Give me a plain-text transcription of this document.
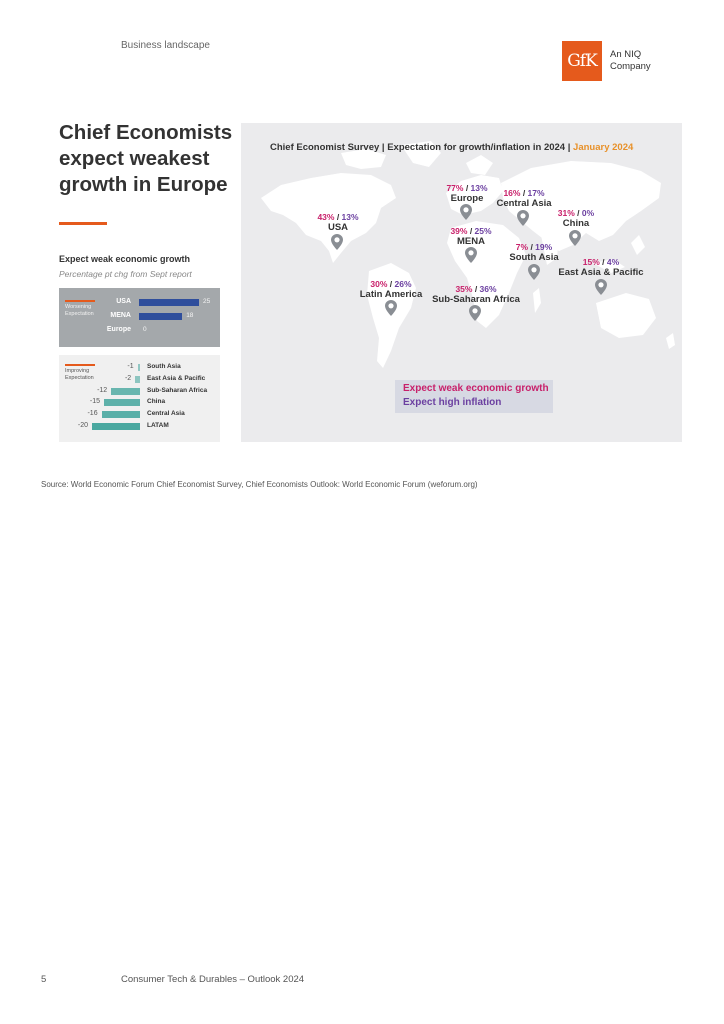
Business landscape
GfK	An NIQ
Company
Chief Economists expect weakest growth in Europe
Expect weak economic growth
Percentage pt chg from Sept report
Worsening Expectation
USA	25
MENA	18
Europe 0
Improving Expectation
-1 South Asia
-2 East Asia & Pacific
-12	Sub-Saharan Africa
-15	China
-16	Central Asia
-20	LATAM
Chief Economist Survey | Expectation for growth/inflation in 2024 | January 2024
43% / 13%
USA
77% / 13%
Europe	16% / 17%
Central Asia
31% / 0%
China
39% / 25%
MENA	7% / 19%
South Asia	15% / 4%
East Asia & Pacific
30% / 26%
Latin America	35% / 36%
Sub-Saharan Africa
Expect weak economic growth
Expect high inflation
Source: World Economic Forum Chief Economist Survey, Chief Economists Outlook: World Economic Forum (weforum.org)
5	Consumer Tech & Durables – Outlook 2024
